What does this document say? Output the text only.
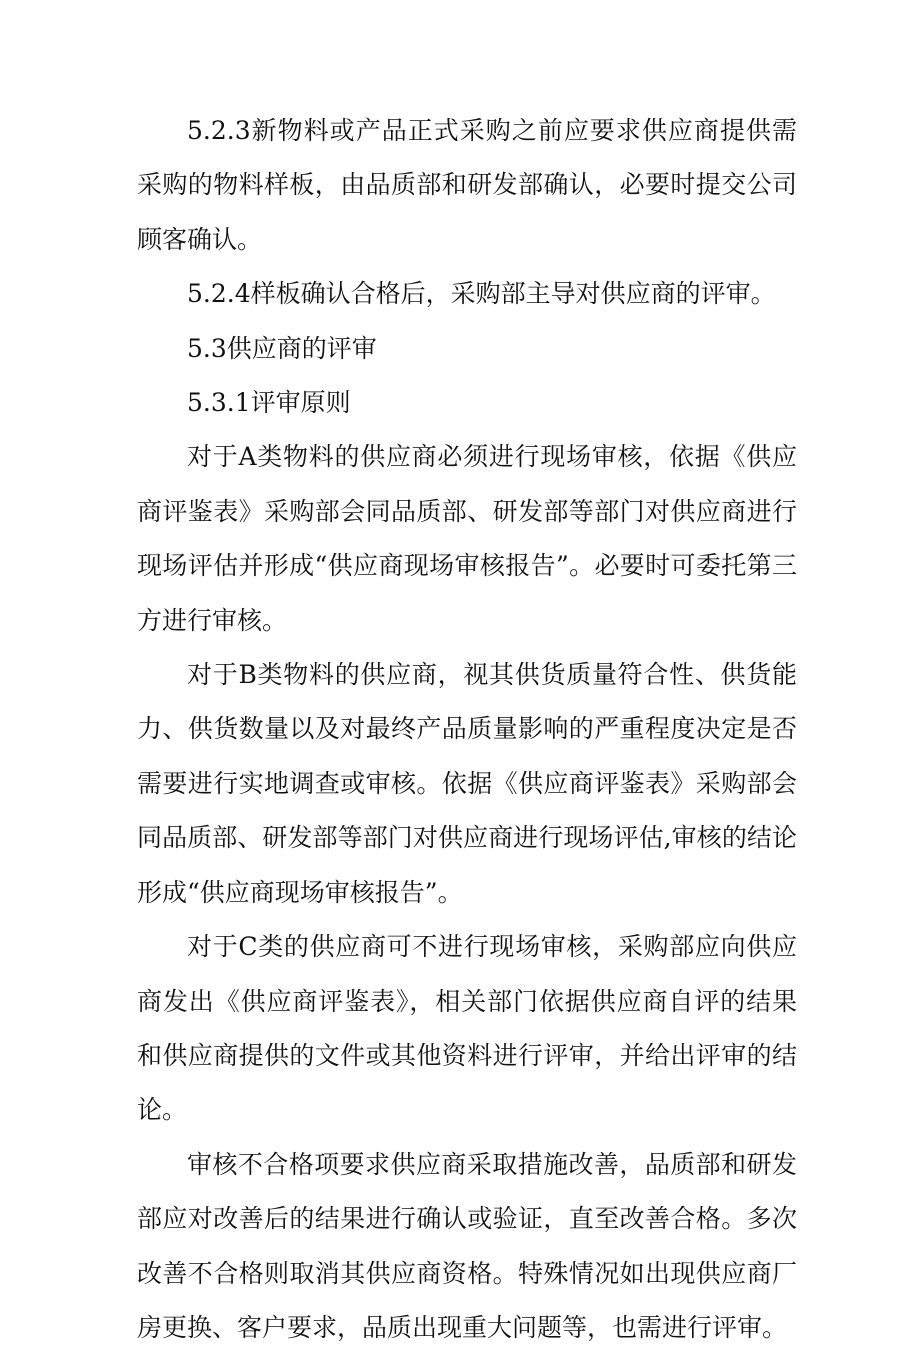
5.2.3新物料或产品正式采购之前应要求供应商提供需采购的物料样板，由品质部和研发部确认，必要时提交公司顾客确认。

5.2.4样板确认合格后，采购部主导对供应商的评审。

5.3供应商的评审

5.3.1评审原则

对于A类物料的供应商必须进行现场审核，依据《供应商评鉴表》采购部会同品质部、研发部等部门对供应商进行现场评估并形成“供应商现场审核报告”。必要时可委托第三方进行审核。

对于B类物料的供应商，视其供货质量符合性、供货能力、供货数量以及对最终产品质量影响的严重程度决定是否需要进行实地调查或审核。依据《供应商评鉴表》采购部会同品质部、研发部等部门对供应商进行现场评估,审核的结论形成“供应商现场审核报告”。

对于C类的供应商可不进行现场审核，采购部应向供应商发出《供应商评鉴表》，相关部门依据供应商自评的结果和供应商提供的文件或其他资料进行评审，并给出评审的结论。

审核不合格项要求供应商采取措施改善，品质部和研发部应对改善后的结果进行确认或验证，直至改善合格。多次改善不合格则取消其供应商资格。特殊情况如出现供应商厂房更换、客户要求，品质出现重大问题等，也需进行评审。
